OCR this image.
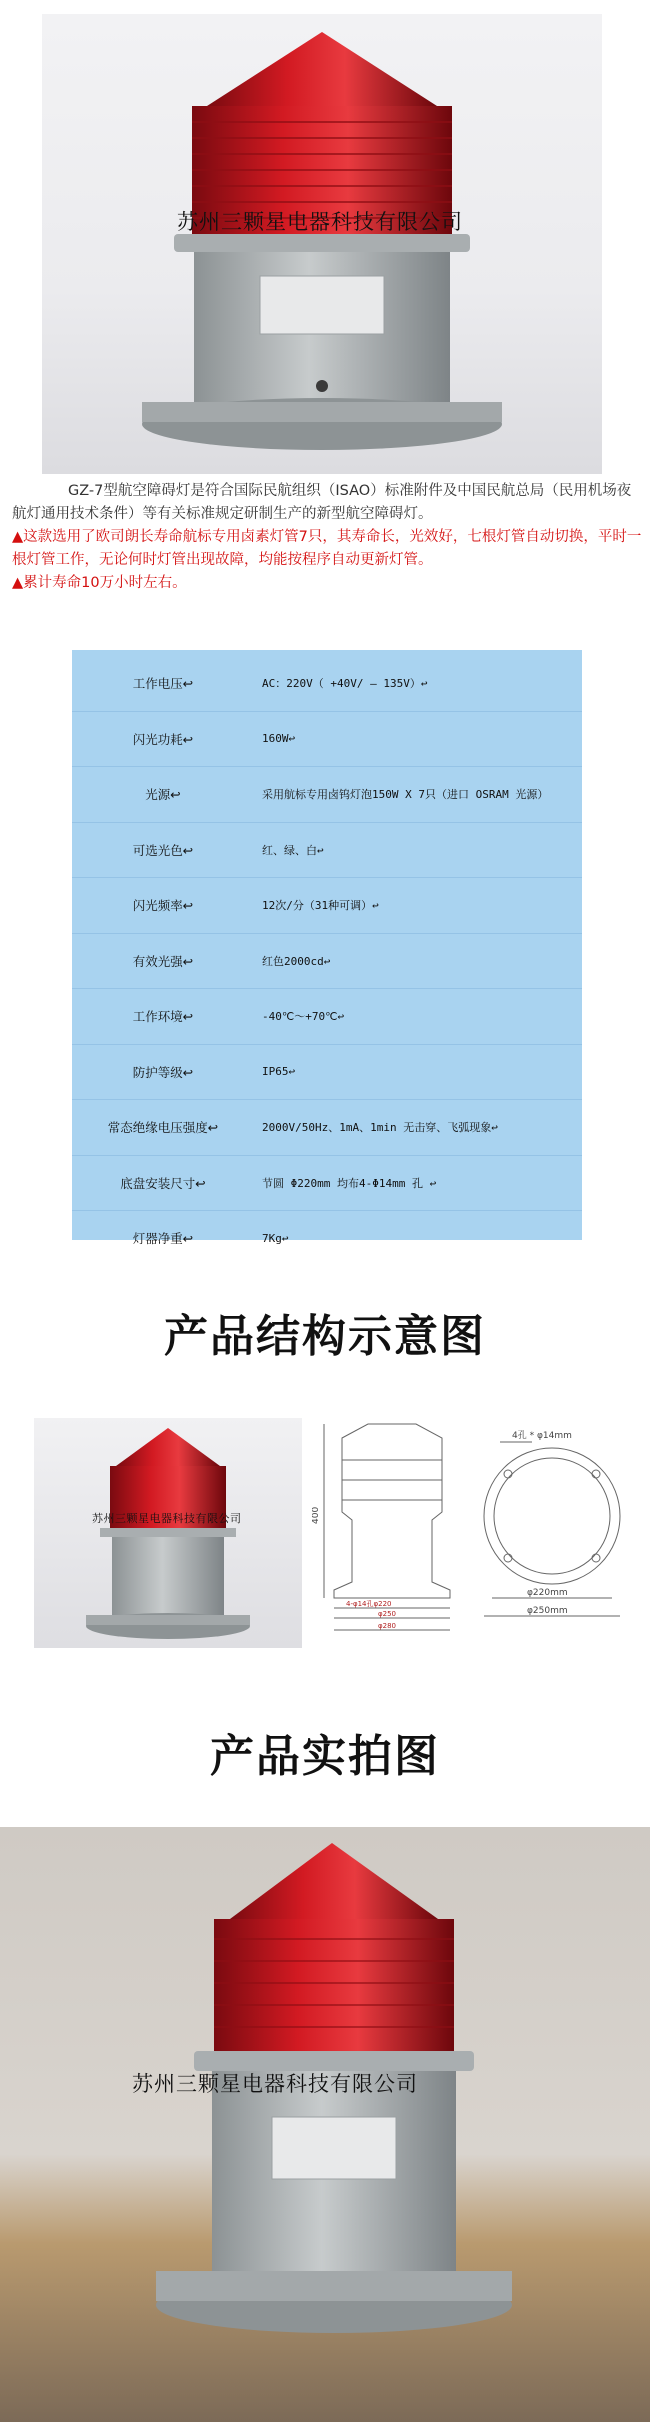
苏州三颗星电器科技有限公司

GZ-7型航空障碍灯是符合国际民航组织（ISAO）标准附件及中国民航总局（民用机场夜航灯通用技术条件）等有关标准规定研制生产的新型航空障碍灯。

▲这款选用了欧司朗长寿命航标专用卤素灯管7只，其寿命长，光效好，七根灯管自动切换，平时一根灯管工作，无论何时灯管出现故障，均能按程序自动更新灯管。

▲累计寿命10万小时左右。

工作电压↩	AC：220V（ +40V/ — 135V）↩
闪光功耗↩	160W↩
光源↩	采用航标专用卤钨灯泡150W X 7只（进口 OSRAM 光源）
可选光色↩	红、绿、白↩
闪光频率↩	12次/分（31种可调）↩
有效光强↩	红色2000cd↩
工作环境↩	-40℃～+70℃↩
防护等级↩	IP65↩
常态绝缘电压强度↩	2000V/50Hz、1mA、1min 无击穿、飞弧现象↩
底盘安装尺寸↩	节圆 Φ220mm 均布4-Φ14mm 孔 ↩
灯器净重↩	7Kg↩
产品结构示意图
苏州三颗星电器科技有限公司	400
4孔 * φ14mm
φ220mm
φ250mm
4-φ14孔φ220
φ250
φ280
产品实拍图
苏州三颗星电器科技有限公司
